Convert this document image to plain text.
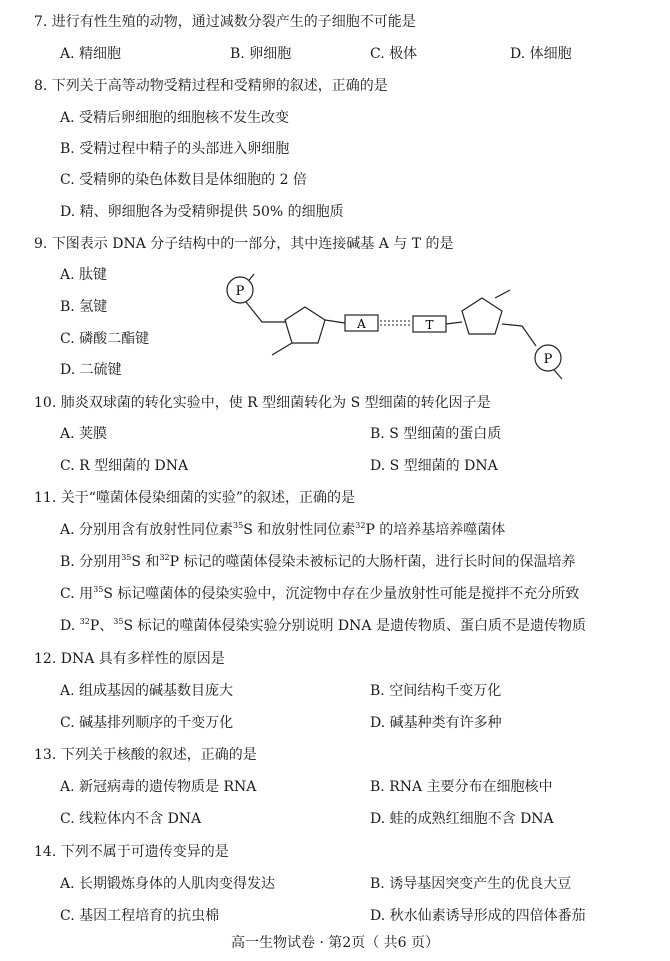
7. 进行有性生殖的动物，通过减数分裂产生的子细胞不可能是
A. 精细胞	B. 卵细胞	C. 极体	D. 体细胞
8. 下列关于高等动物受精过程和受精卵的叙述，正确的是
A. 受精后卵细胞的细胞核不发生改变
B. 受精过程中精子的头部进入卵细胞
C. 受精卵的染色体数目是体细胞的 2 倍
D. 精、卵细胞各为受精卵提供 50% 的细胞质
9. 下图表示 DNA 分子结构中的一部分，其中连接碱基 A 与 T 的是
A. 肽键
B. 氢键
C. 磷酸二酯键
D. 二硫键
P
A	T
P
10. 肺炎双球菌的转化实验中，使 R 型细菌转化为 S 型细菌的转化因子是
A. 荚膜	B. S 型细菌的蛋白质
C. R 型细菌的 DNA	D. S 型细菌的 DNA
11. 关于“噬菌体侵染细菌的实验”的叙述，正确的是
A. 分别用含有放射性同位素$^{35}$S 和放射性同位素$^{32}$P 的培养基培养噬菌体
B. 分别用$^{35}$S 和$^{32}$P 标记的噬菌体侵染未被标记的大肠杆菌，进行长时间的保温培养
C. 用$^{35}$S 标记噬菌体的侵染实验中，沉淀物中存在少量放射性可能是搅拌不充分所致
D. $^{32}$P、$^{35}$S 标记的噬菌体侵染实验分别说明 DNA 是遗传物质、蛋白质不是遗传物质
12. DNA 具有多样性的原因是
A. 组成基因的碱基数目庞大	B. 空间结构千变万化
C. 碱基排列顺序的千变万化	D. 碱基种类有许多种
13. 下列关于核酸的叙述，正确的是
A. 新冠病毒的遗传物质是 RNA	B. RNA 主要分布在细胞核中
C. 线粒体内不含 DNA	D. 蛙的成熟红细胞不含 DNA
14. 下列不属于可遗传变异的是
A. 长期锻炼身体的人肌肉变得发达	B. 诱导基因突变产生的优良大豆
C. 基因工程培育的抗虫棉	D. 秋水仙素诱导形成的四倍体番茄
高一生物试卷 · 第2页（ 共6 页）
